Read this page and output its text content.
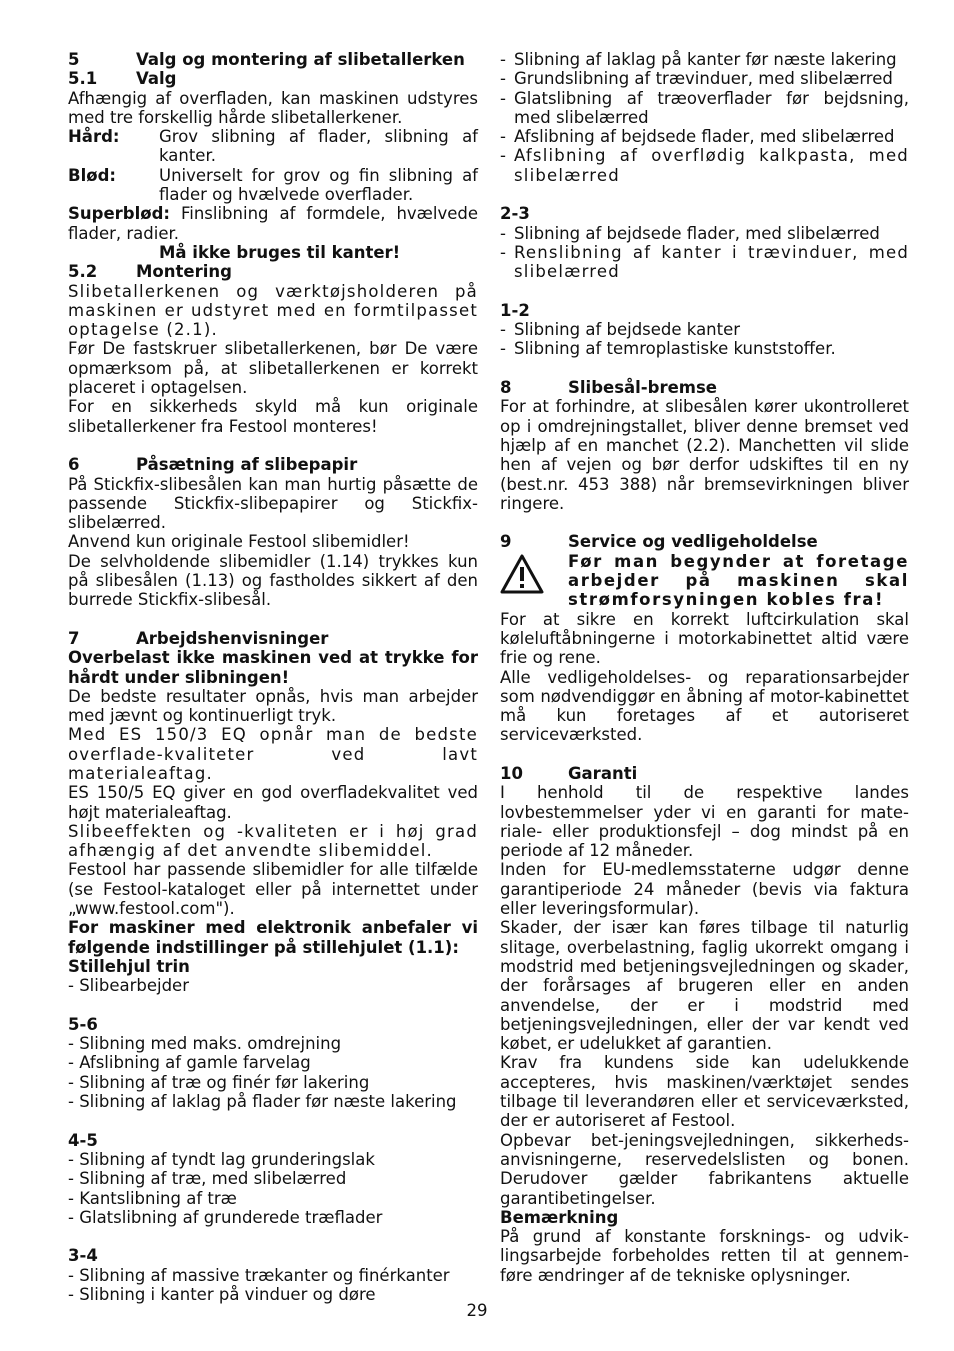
5	Valg og montering af slibetallerken
5.1	Valg

Afhængig af overfladen, kan maskinen udstyres med tre forskellig hårde slibetallerkener.

Hård:	Grov slibning af flader, slibning af kanter.
Blød:	Universelt for grov og fin slibning af flader og hvælvede overflader.

Superblød: Finslibning af formdele, hvælvede flader, radier.

Må ikke bruges til kanter!
5.2	Montering

Slibetallerkenen og værktøjsholderen på maskinen er udstyret med en formtilpasset optagelse (2.1).

Før De fastskruer slibetallerkenen, bør De være opmærksom på, at slibetallerkenen er korrekt placeret i optagelsen.

For en sikkerheds skyld må kun originale slibetallerkener fra Festool monteres!

6	Påsætning af slibepapir

På Stickfix-slibesålen kan man hurtig påsætte de passende Stickfix-slibepapirer og Stickfix-slibelærred.

Anvend kun originale Festool slibemidler!

De selvholdende slibemidler (1.14) trykkes kun på slibesålen (1.13) og fastholdes sikkert af den burrede Stickfix-slibesål.

7	Arbejdshenvisninger

Overbelast ikke maskinen ved at trykke for hårdt under slibningen!

De bedste resultater opnås, hvis man arbejder med jævnt og kontinuerligt tryk.

Med ES 150/3 EQ opnår man de bedste overflade-kvaliteter ved lavt materialeaftag.

ES 150/5 EQ giver en god overfladekvalitet ved højt materialeaftag.

Slibeeffekten og -kvaliteten er i høj grad afhængig af det anvendte slibemiddel.

Festool har passende slibemidler for alle tilfælde (se Festool-kataloget eller på internettet under „www.festool.com").

For maskiner med elektronik anbefaler vi følgende indstillinger på stillehjulet (1.1):

Stillehjul trin

- Slibearbejder

5-6

- Slibning med maks. omdrejning

- Afslibning af gamle farvelag

- Slibning af træ og finér før lakering

- Slibning af laklag på flader før næste lakering

4-5

- Slibning af tyndt lag grunderingslak

- Slibning af træ, med slibelærred

- Kantslibning af træ

- Glatslibning af grunderede træflader

3-4

- Slibning af massive trækanter og finérkanter

- Slibning i kanter på vinduer og døre

- Slibning af laklag på kanter før næste lakering
- Grundslibning af trævinduer, med slibelærred
- Glatslibning af træoverflader før bejdsning, med slibelærred
- Afslibning af bejdsede flader, med slibelærred
- Afslibning af overflødig kalkpasta, med slibelærred

2-3

- Slibning af bejdsede flader, med slibelærred
- Renslibning af kanter i trævinduer, med slibelærred

1-2

- Slibning af bejdsede kanter
- Slibning af temroplastiske kunststoffer.
8	Slibesål-bremse

For at forhindre, at slibesålen kører ukontrolleret op i omdrejningstallet, bliver denne bremset ved hjælp af en manchet (2.2). Manchetten vil slide hen af vejen og bør derfor udskiftes til en ny (best.nr. 453 388) når bremsevirkningen bliver ringere.

9	Service og vedligeholdelse
Før man begynder at foretage arbejder på maskinen skal strømforsyningen kobles fra!

For at sikre en korrekt luftcirkulation skal køleluftåbningerne i motorkabinettet altid være frie og rene.

Alle vedligeholdelses- og reparationsarbejder som nødvendiggør en åbning af motor-kabinettet må kun foretages af et autoriseret serviceværksted.

10	Garanti

I henhold til de respektive landes lovbestemmelser yder vi en garanti for mate-riale- eller produktionsfejl – dog mindst på en periode af 12 måneder.

Inden for EU-medlemsstaterne udgør denne garantiperiode 24 måneder (bevis via faktura eller leveringsformular).

Skader, der især kan føres tilbage til naturlig slitage, overbelastning, faglig ukorrekt omgang i modstrid med betjeningsvejledningen og skader, der forårsages af brugeren eller en anden anvendelse, der er i modstrid med betjeningsvejledningen, eller der var kendt ved købet, er udelukket af garantien.

Krav fra kundens side kan udelukkende accepteres, hvis maskinen/værktøjet sendes tilbage til leverandøren eller et serviceværksted, der er autoriseret af Festool.

Opbevar bet-jeningsvejledningen, sikkerheds-anvisningerne, reservedelslisten og bonen. Derudover gælder fabrikantens aktuelle garantibetingelser.

Bemærkning

På grund af konstante forsknings- og udvik-lingsarbejde forbeholdes retten til at gennem-føre ændringer af de tekniske oplysninger.

29
